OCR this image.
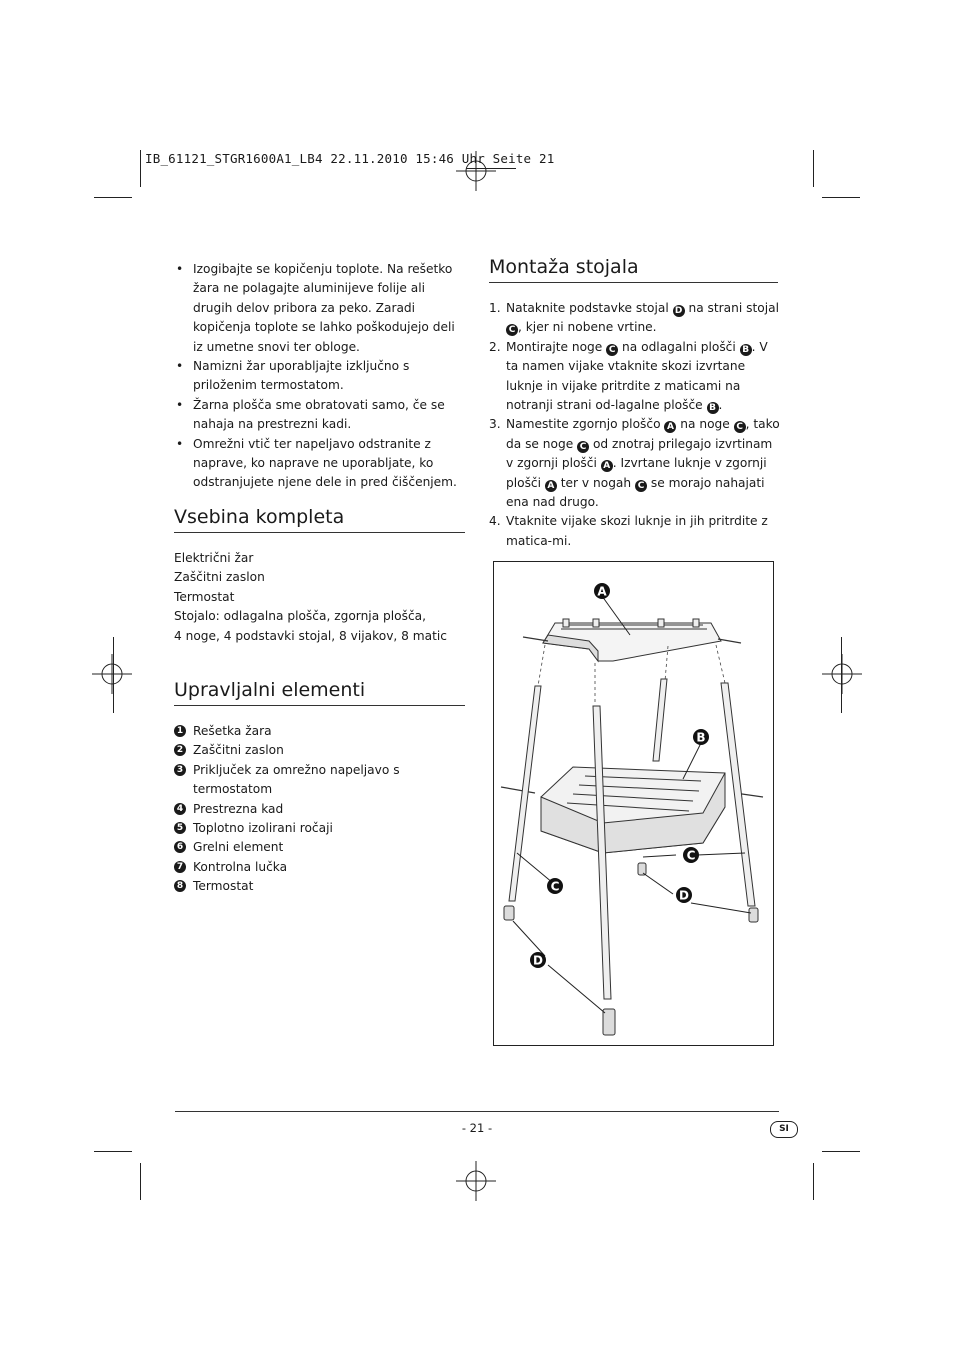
IB_61121_STGR1600A1_LB4 22.11.2010 15:46 Uhr Seite 21
• Izogibajte se kopičenju toplote. Na rešetko žara ne polagajte aluminijeve folije ali drugih delov pribora za peko. Zaradi kopičenja toplote se lahko poškodujejo deli iz umetne snovi ter obloge.
• Namizni žar uporabljajte izključno s priloženim termostatom.
• Žarna plošča sme obratovati samo, če se nahaja na prestrezni kadi.
• Omrežni vtič ter napeljavo odstranite z naprave, ko naprave ne uporabljate, ko odstranjujete njene dele in pred čiščenjem.
Vsebina kompleta
Električni žar
Zaščitni zaslon
Termostat
Stojalo: odlagalna plošča, zgornja plošča,
4 noge, 4 podstavki stojal, 8 vijakov, 8 matic
Upravljalni elementi
1 Rešetka žara
2 Zaščitni zaslon
3 Priključek za omrežno napeljavo s termostatom
4 Prestrezna kad
5 Toplotno izolirani ročaji
6 Grelni element
7 Kontrolna lučka
8 Termostat
Montaža stojala
1. Nataknite podstavke stojal D na strani stojal C , kjer ni nobene vrtine.
2. Montirajte noge C na odlagalni plošči B . V ta namen vijake vtaknite skozi izvrtane luknje in vijake pritrdite z maticami na notranji strani od-lagalne plošče B .
3. Namestite zgornjo ploščo A na noge C , tako da se noge C od znotraj prilegajo izvrtinam v zgornji plošči A . Izvrtane luknje v zgornji plošči A ter v nogah C se morajo nahajati ena nad drugo.
4. Vtaknite vijake skozi luknje in jih pritrdite z matica-mi.
A
B
C
C
D
D
- 21 -	SI
